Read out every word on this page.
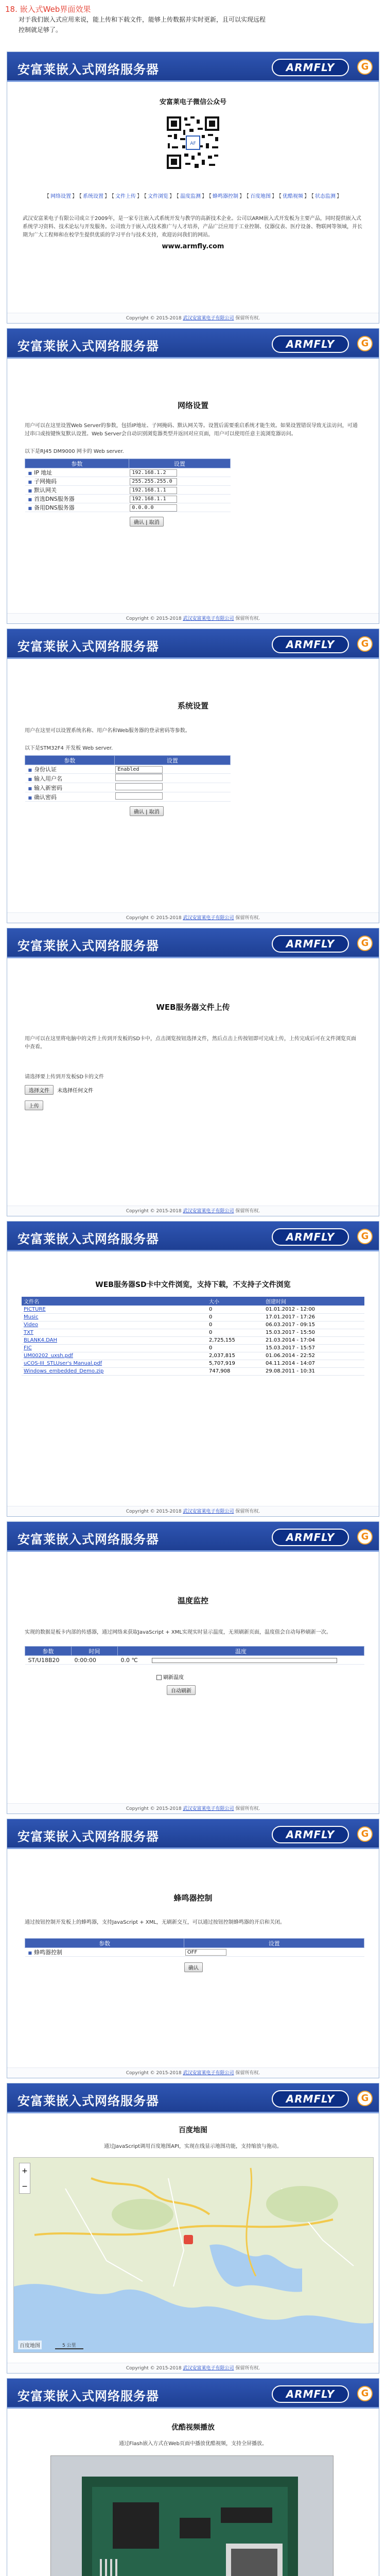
18. 嵌入式Web界面效果

对于我们嵌入式应用来说，能上传和下载文件，能够上传数据并实时更新，且可以实现远程

控制就足够了。

安富莱嵌入式网络服务器	ARMFLY	G
安富莱电子微信公众号
AF
【 网络设置 】 【 系统设置 】 【 文件上传 】 【 文件浏览 】 【 温度监测 】 【 蜂鸣器控制 】 【 百度地图 】 【 优酷视频 】 【 状态监测 】
武汉安富莱电子有限公司成立于2009年，是一家专注嵌入式系统开发与教学的高新技术企业。公司以ARM嵌入式开发板为主要产品，同时提供嵌入式系统学习资料、技术论坛与开发服务。公司致力于嵌入式技术推广与人才培养，产品广泛应用于工业控制、仪器仪表、医疗设备、物联网等领域，并长期为广大工程师和在校学生提供优质的学习平台与技术支持，欢迎访问我们的网站。
www.armfly.com
Copyright © 2015-2018 武汉安富莱电子有限公司 保留所有权.
安富莱嵌入式网络服务器	ARMFLY	G
网络设置
用户可以在这里设置Web Server的参数，包括IP地址、子网掩码、默认网关等。设置后需要重启系统才能生效。如果设置错误导致无法访问，可通过串口或按键恢复默认设置。Web Server会自动识别浏览器类型并返回对应页面，用户可以使用任意主流浏览器访问。
以下是RJ45 DM9000 网卡的 Web server.
参数	设置
■ IP 地址	192.168.1.2
■ 子网掩码	255.255.255.0
■ 默认网关	192.168.1.1
■ 首选DNS服务器	192.168.1.1
■ 备用DNS服务器	0.0.0.0
确认 | 取消
Copyright © 2015-2018 武汉安富莱电子有限公司 保留所有权.
安富莱嵌入式网络服务器	ARMFLY	G
系统设置
用户在这里可以设置系统名称、用户名和Web服务器的登录密码等参数。
以下是STM32F4 开发板 Web server.
参数	设置
■ 身份认证	Enabled
■ 输入用户名	
■ 输入新密码	
■ 确认密码	
确认 | 取消
Copyright © 2015-2018 武汉安富莱电子有限公司 保留所有权.
安富莱嵌入式网络服务器	ARMFLY	G
WEB服务器文件上传
用户可以在这里将电脑中的文件上传到开发板的SD卡中，点击浏览按钮选择文件，然后点击上传按钮即可完成上传，上传完成后可在文件浏览页面中查看。
请选择要上传到开发板SD卡的文件
选择文件 未选择任何文件
上传
Copyright © 2015-2018 武汉安富莱电子有限公司 保留所有权.
安富莱嵌入式网络服务器	ARMFLY	G
WEB服务器SD卡中文件浏览，支持下载，不支持子文件浏览
文件名	大小	创建时间
PICTURE	0	01.01.2012 - 12:00
Music	0	17.01.2017 - 17:26
Video	0	06.03.2017 - 09:15
TXT	0	15.03.2017 - 15:50
BLANK4.DAH	2,725,155	21.03.2014 - 17:04
FIC	0	15.03.2017 - 15:57
UM00202_uxsh.pdf	2,037,815	01.06.2014 - 22:52
uCOS-III_STLUser's Manual.pdf	5,707,919	04.11.2014 - 14:07
Windows_embedded_Demo.zip	747,908	29.08.2011 - 10:31
Copyright © 2015-2018 武汉安富莱电子有限公司 保留所有权.
安富莱嵌入式网络服务器	ARMFLY	G
温度监控
实现的数据是板卡内部的传感器，通过网络来获取JavaScript + XML实现实时显示温度，无须刷新页面，温度值会自动每秒刷新一次。
参数	时间	温度
ST/U18B20	0:00:00	0.0 ℃
刷新温度
自动刷新
Copyright © 2015-2018 武汉安富莱电子有限公司 保留所有权.
安富莱嵌入式网络服务器	ARMFLY	G
蜂鸣器控制
通过按钮控制开发板上的蜂鸣器，支持JavaScript + XML，无刷新交互，可以通过按钮控制蜂鸣器的开启和关闭。
参数	设置
■ 蜂鸣器控制	OFF
确认
Copyright © 2015-2018 武汉安富莱电子有限公司 保留所有权.
安富莱嵌入式网络服务器	ARMFLY	G
百度地图
通过JavaScript调用百度地图API，实现在线显示地图功能，支持缩放与拖动。
+
−
百度地图	5 公里
Copyright © 2015-2018 武汉安富莱电子有限公司 保留所有权.
安富莱嵌入式网络服务器	ARMFLY	G
优酷视频播放
通过Flash嵌入方式在Web页面中播放优酷视频，支持全屏播放。
